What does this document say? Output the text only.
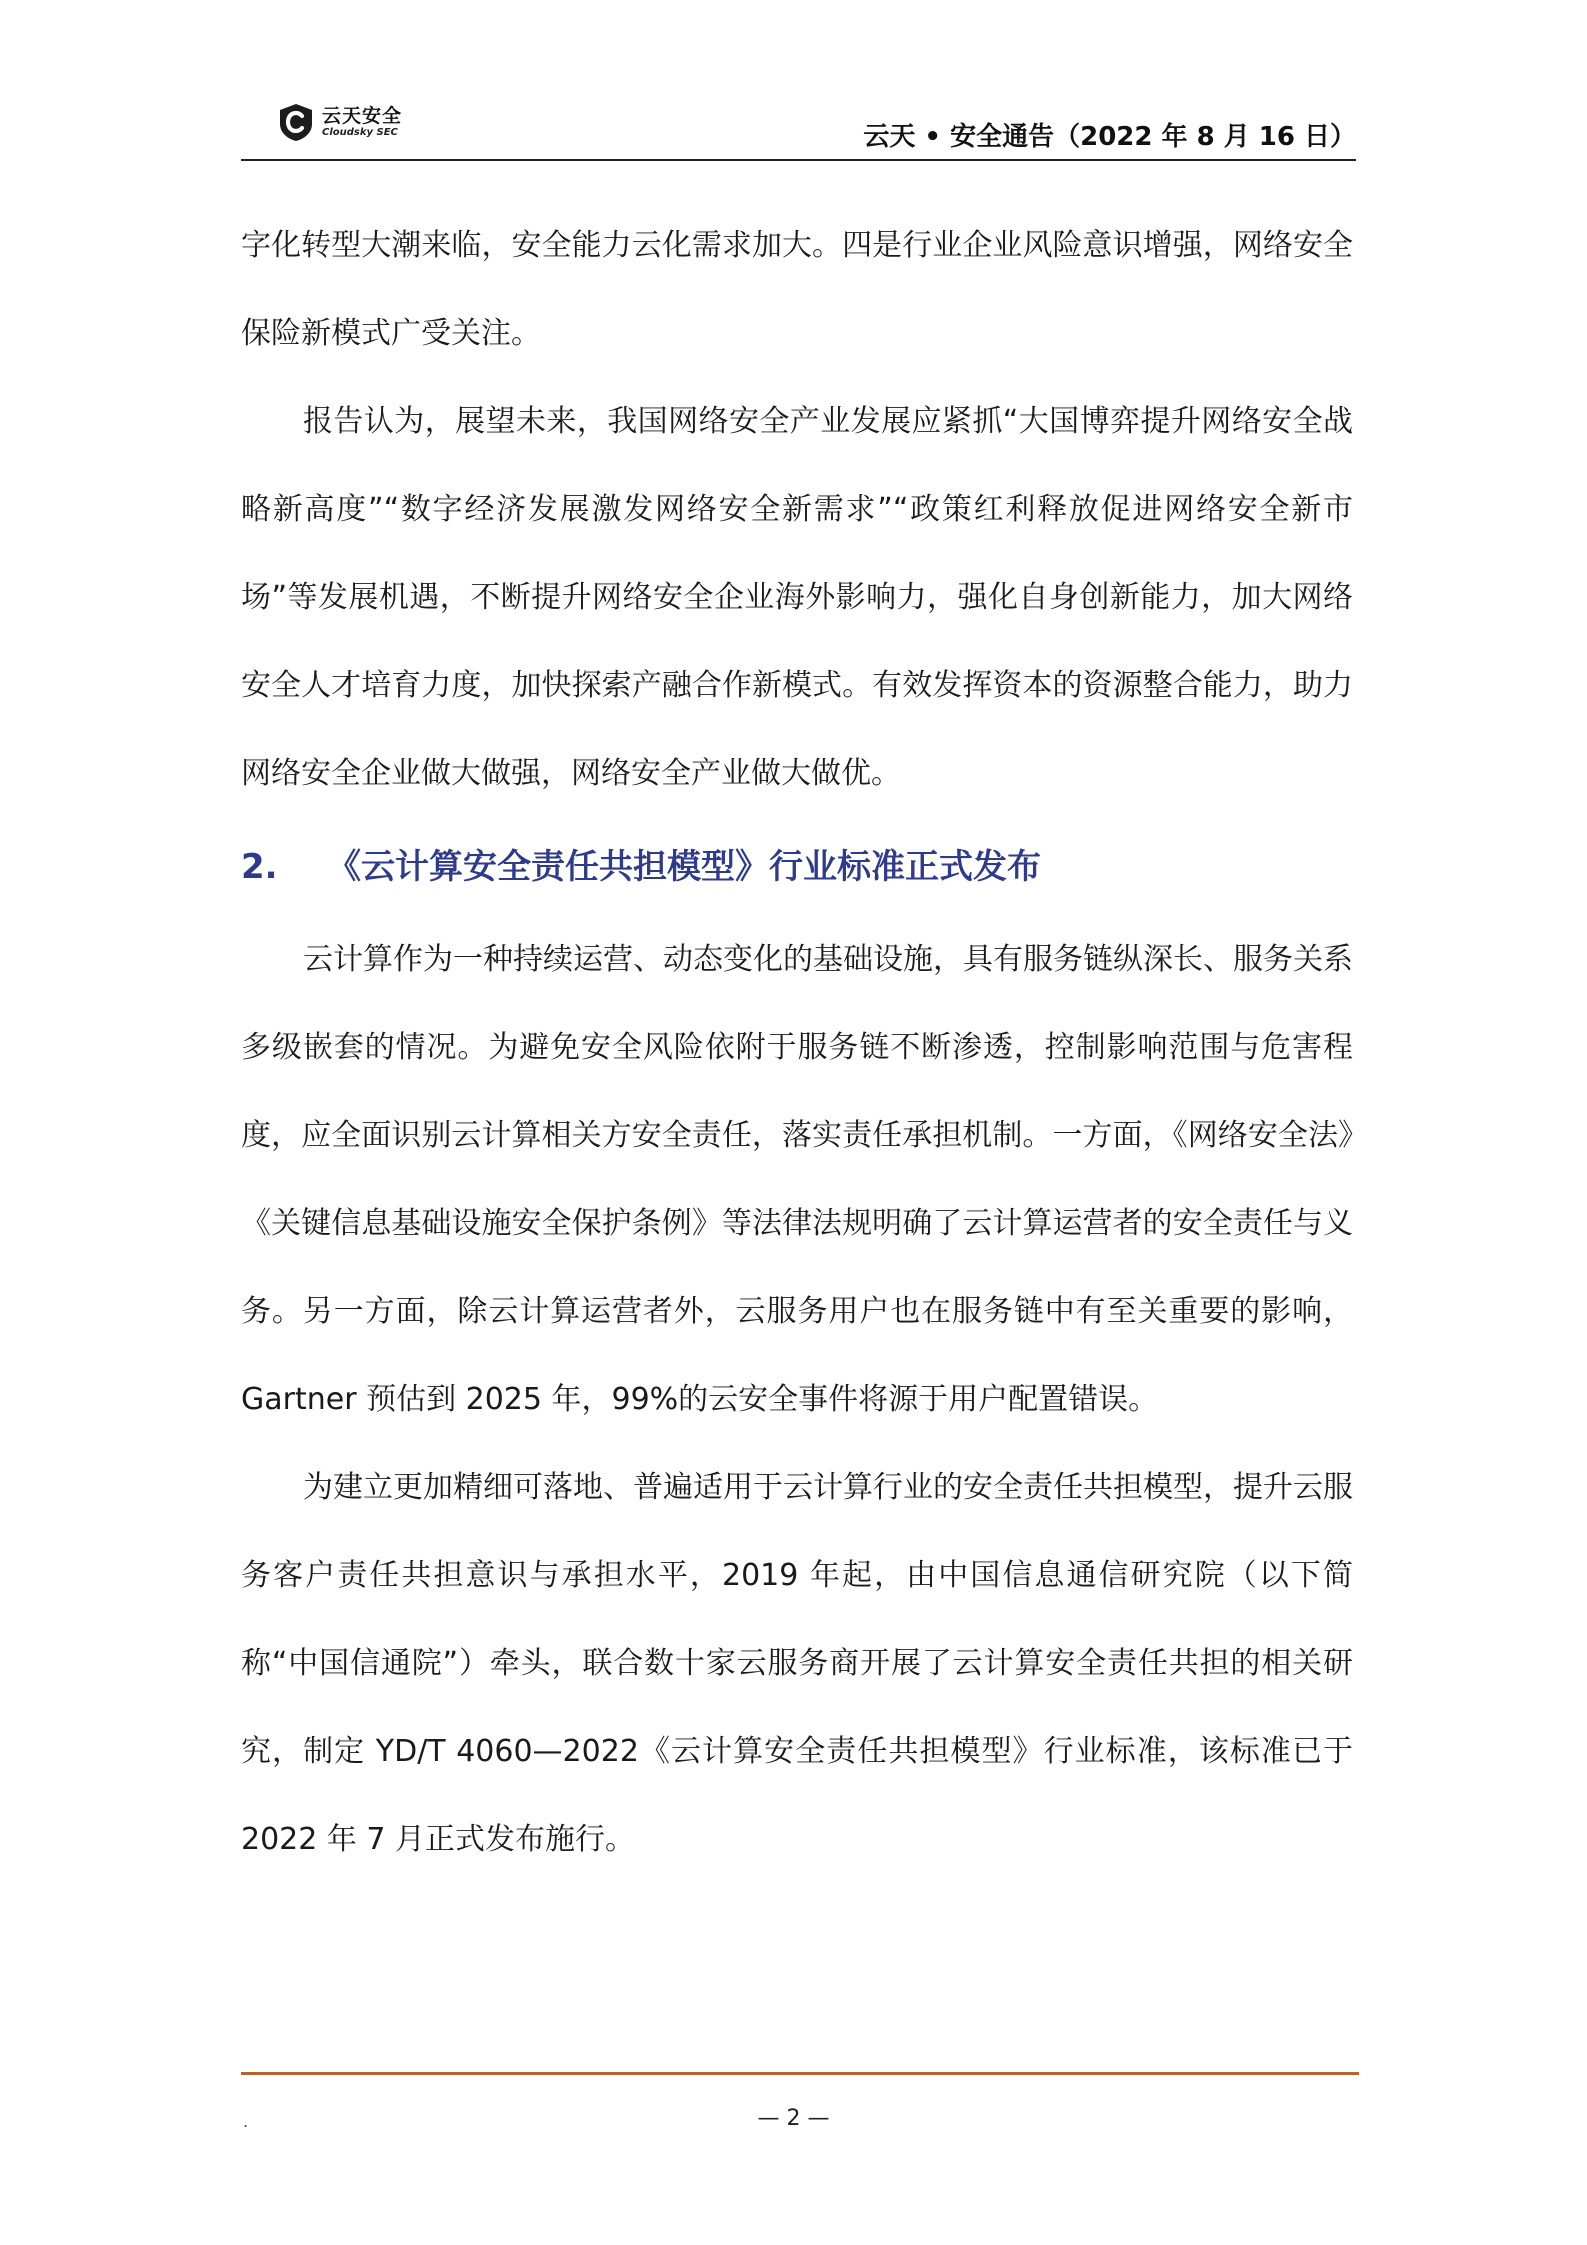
云天安全
Cloudsky SEC	云天 • 安全通告（2022 年 8 月 16 日）

字化转型大潮来临，安全能力云化需求加大。四是行业企业风险意识增强，网络安全保险新模式广受关注。

报告认为，展望未来，我国网络安全产业发展应紧抓“大国博弈提升网络安全战略新高度”“数字经济发展激发网络安全新需求”“政策红利释放促进网络安全新市场”等发展机遇，不断提升网络安全企业海外影响力，强化自身创新能力，加大网络安全人才培育力度，加快探索产融合作新模式。有效发挥资本的资源整合能力，助力网络安全企业做大做强，网络安全产业做大做优。

2. 《云计算安全责任共担模型》行业标准正式发布

云计算作为一种持续运营、动态变化的基础设施，具有服务链纵深长、服务关系多级嵌套的情况。为避免安全风险依附于服务链不断渗透，控制影响范围与危害程度，应全面识别云计算相关方安全责任，落实责任承担机制。一方面，《网络安全法》《关键信息基础设施安全保护条例》等法律法规明确了云计算运营者的安全责任与义务。另一方面，除云计算运营者外，云服务用户也在服务链中有至关重要的影响，Gartner 预估到 2025 年，99%的云安全事件将源于用户配置错误。

为建立更加精细可落地、普遍适用于云计算行业的安全责任共担模型，提升云服务客户责任共担意识与承担水平，2019 年起，由中国信息通信研究院（以下简称“中国信通院”）牵头，联合数十家云服务商开展了云计算安全责任共担的相关研究，制定 YD/T 4060—2022《云计算安全责任共担模型》行业标准，该标准已于 2022 年 7 月正式发布施行。

.	— 2 —
